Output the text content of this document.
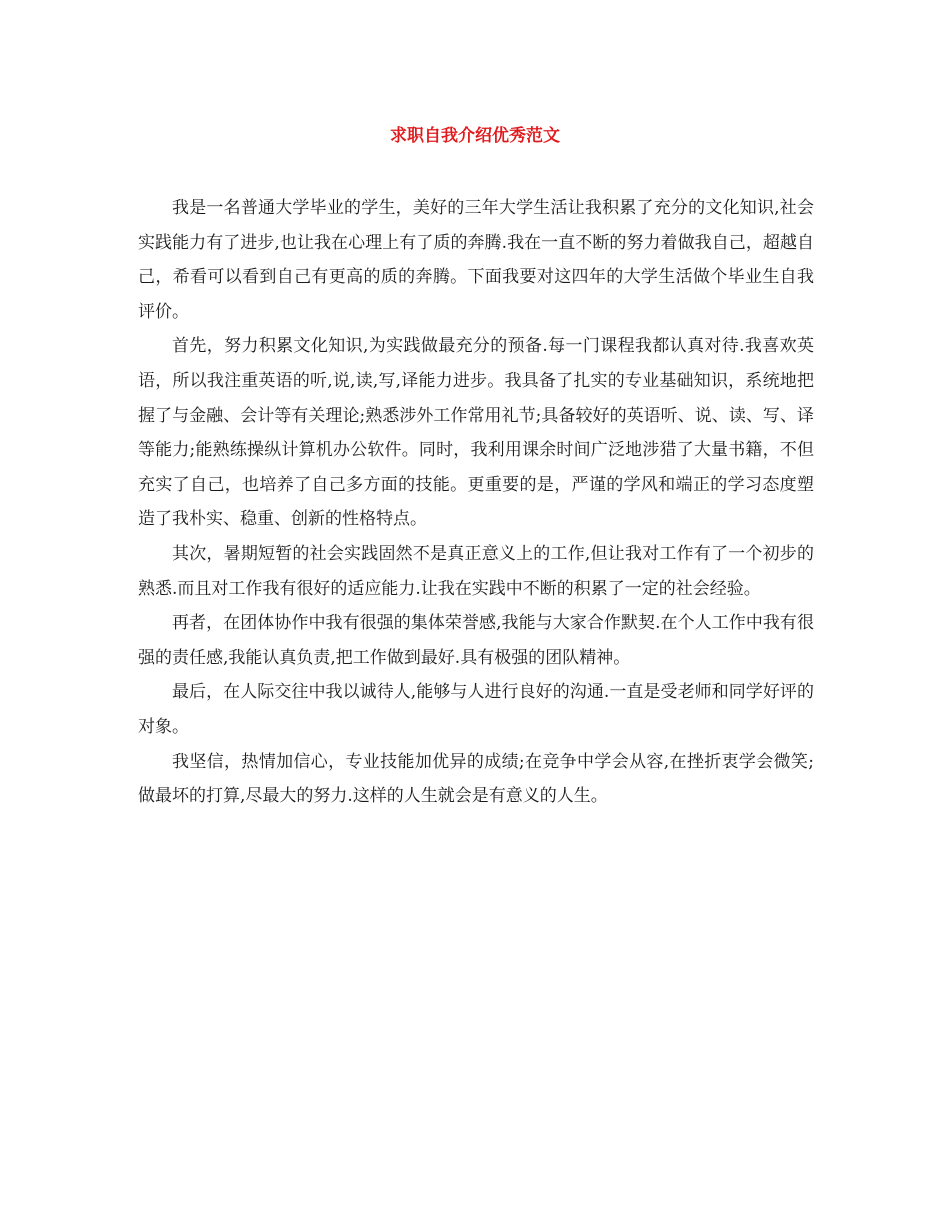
求职自我介绍优秀范文

我是一名普通大学毕业的学生，美好的三年大学生活让我积累了充分的文化知识,社会实践能力有了进步,也让我在心理上有了质的奔腾.我在一直不断的努力着做我自己，超越自己，希看可以看到自己有更高的质的奔腾。下面我要对这四年的大学生活做个毕业生自我评价。

首先，努力积累文化知识,为实践做最充分的预备.每一门课程我都认真对待.我喜欢英语，所以我注重英语的听,说,读,写,译能力进步。我具备了扎实的专业基础知识，系统地把握了与金融、会计等有关理论;熟悉涉外工作常用礼节;具备较好的英语听、说、读、写、译等能力;能熟练操纵计算机办公软件。同时，我利用课余时间广泛地涉猎了大量书籍，不但充实了自己，也培养了自己多方面的技能。更重要的是，严谨的学风和端正的学习态度塑造了我朴实、稳重、创新的性格特点。

其次，暑期短暂的社会实践固然不是真正意义上的工作,但让我对工作有了一个初步的熟悉.而且对工作我有很好的适应能力.让我在实践中不断的积累了一定的社会经验。

再者，在团体协作中我有很强的集体荣誉感,我能与大家合作默契.在个人工作中我有很强的责任感,我能认真负责,把工作做到最好.具有极强的团队精神。

最后，在人际交往中我以诚待人,能够与人进行良好的沟通.一直是受老师和同学好评的对象。

我坚信，热情加信心，专业技能加优异的成绩;在竞争中学会从容,在挫折衷学会微笑;做最坏的打算,尽最大的努力.这样的人生就会是有意义的人生。
